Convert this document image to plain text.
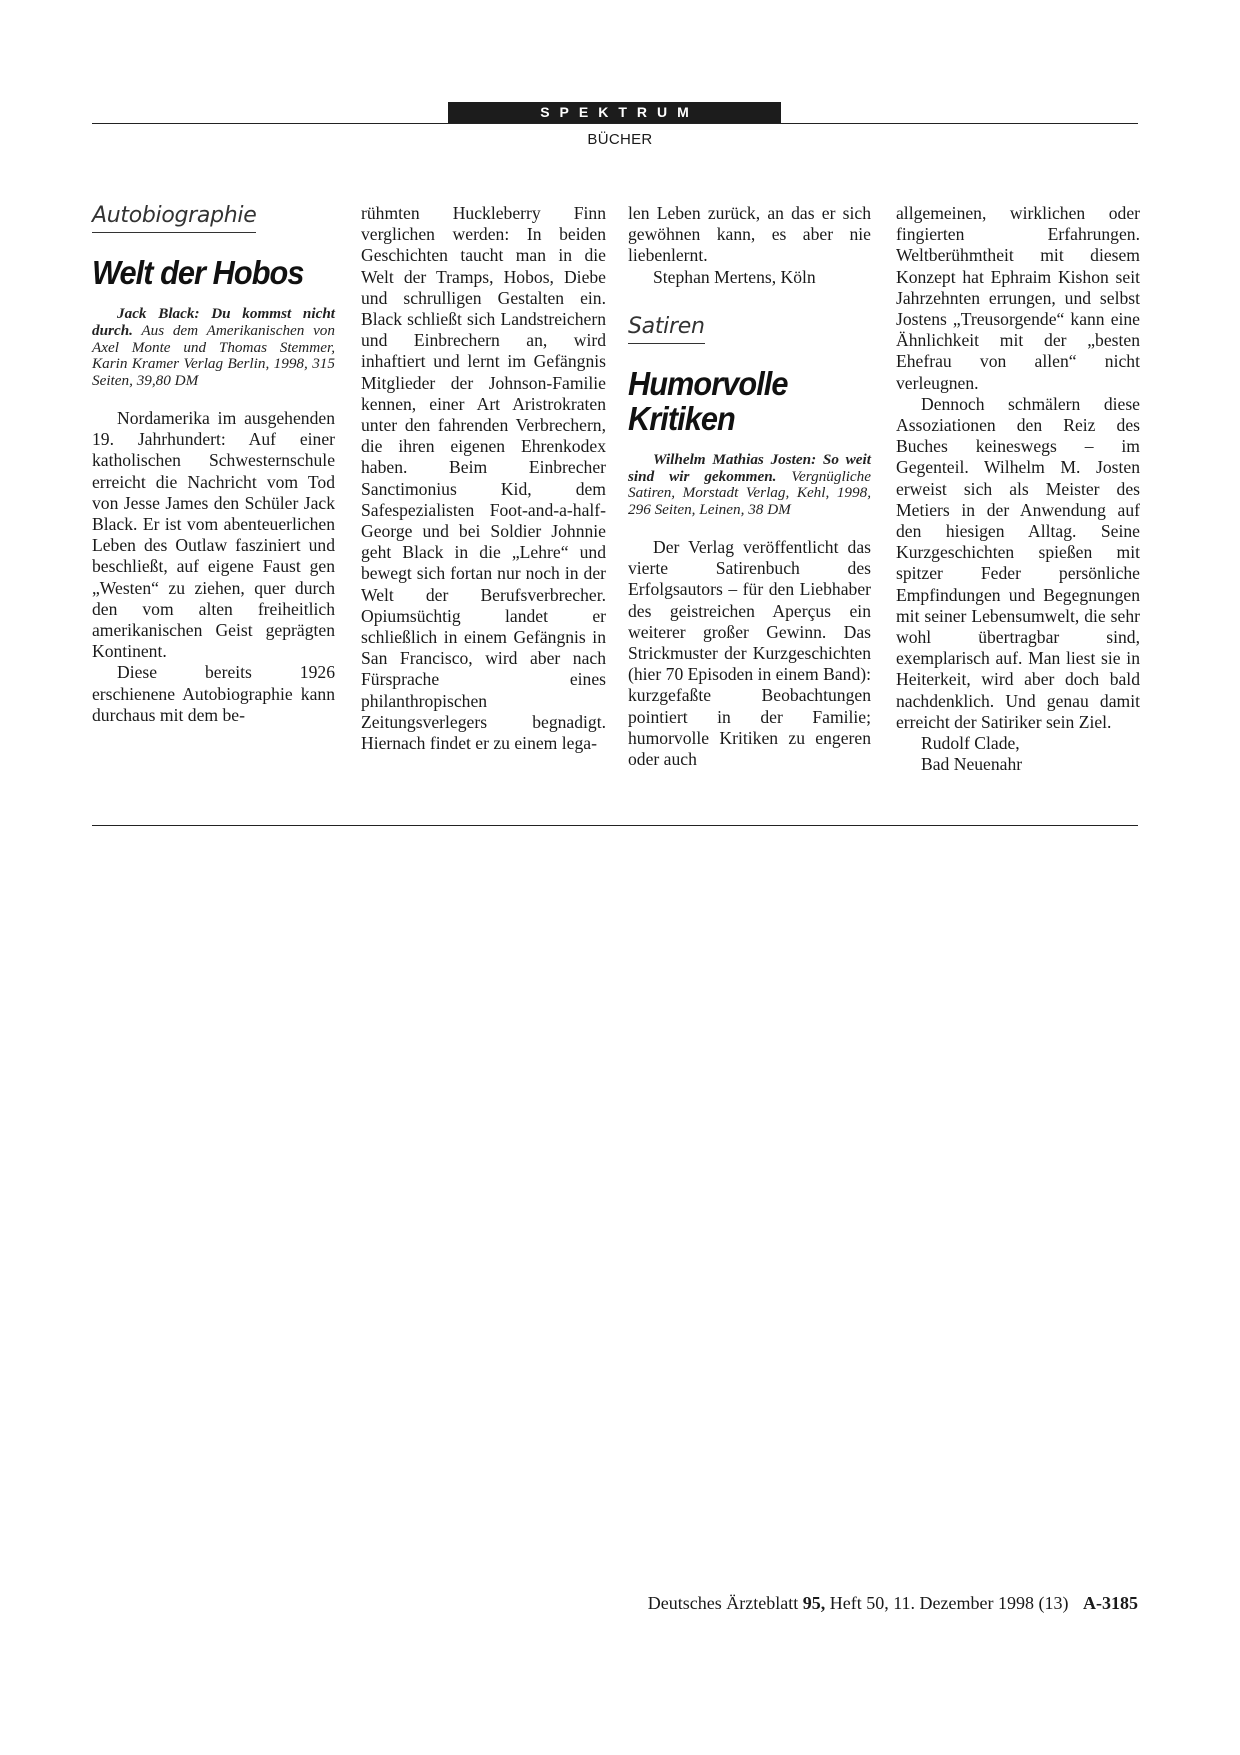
SPEKTRUM
BÜCHER
Autobiographie
Welt der Hobos
Jack Black: Du kommst nicht durch. Aus dem Amerikanischen von Axel Monte und Thomas Stemmer, Karin Kramer Verlag Berlin, 1998, 315 Seiten, 39,80 DM

Nordamerika im ausgehenden 19. Jahrhundert: Auf einer katholischen Schwesternschule erreicht die Nachricht vom Tod von Jesse James den Schüler Jack Black. Er ist vom abenteuerlichen Leben des Outlaw fasziniert und beschließt, auf eigene Faust gen „Westen“ zu ziehen, quer durch den vom alten freiheitlich amerikanischen Geist geprägten Kontinent.

Diese bereits 1926 erschienene Autobiographie kann durchaus mit dem be-

rühmten Huckleberry Finn verglichen werden: In beiden Geschichten taucht man in die Welt der Tramps, Hobos, Diebe und schrulligen Gestalten ein. Black schließt sich Landstreichern und Einbrechern an, wird inhaftiert und lernt im Gefängnis Mitglieder der Johnson-Familie kennen, einer Art Aristrokraten unter den fahrenden Verbrechern, die ihren eigenen Ehrenkodex haben. Beim Einbrecher Sanctimonius Kid, dem Safespezialisten Foot-and-a-half-George und bei Soldier Johnnie geht Black in die „Lehre“ und bewegt sich fortan nur noch in der Welt der Berufsverbrecher. Opiumsüchtig landet er schließlich in einem Gefängnis in San Francisco, wird aber nach Fürsprache eines philanthropischen Zeitungsverlegers begnadigt. Hiernach findet er zu einem lega-

len Leben zurück, an das er sich gewöhnen kann, es aber nie liebenlernt.

Stephan Mertens, Köln

Satiren
Humorvolle Kritiken
Wilhelm Mathias Josten: So weit sind wir gekommen. Vergnügliche Satiren, Morstadt Verlag, Kehl, 1998, 296 Seiten, Leinen, 38 DM

Der Verlag veröffentlicht das vierte Satirenbuch des Erfolgsautors – für den Liebhaber des geistreichen Aperçus ein weiterer großer Gewinn. Das Strickmuster der Kurzgeschichten (hier 70 Episoden in einem Band): kurzgefaßte Beobachtungen pointiert in der Familie; humorvolle Kritiken zu engeren oder auch

allgemeinen, wirklichen oder fingierten Erfahrungen. Weltberühmtheit mit diesem Konzept hat Ephraim Kishon seit Jahrzehnten errungen, und selbst Jostens „Treusorgende“ kann eine Ähnlichkeit mit der „besten Ehefrau von allen“ nicht verleugnen.

Dennoch schmälern diese Assoziationen den Reiz des Buches keineswegs – im Gegenteil. Wilhelm M. Josten erweist sich als Meister des Metiers in der Anwendung auf den hiesigen Alltag. Seine Kurzgeschichten spießen mit spitzer Feder persönliche Empfindungen und Begegnungen mit seiner Lebensumwelt, die sehr wohl übertragbar sind, exemplarisch auf. Man liest sie in Heiterkeit, wird aber doch bald nachdenklich. Und genau damit erreicht der Satiriker sein Ziel.

Rudolf Clade,

Bad Neuenahr

Deutsches Ärzteblatt 95, Heft 50, 11. Dezember 1998 (13) A-3185
